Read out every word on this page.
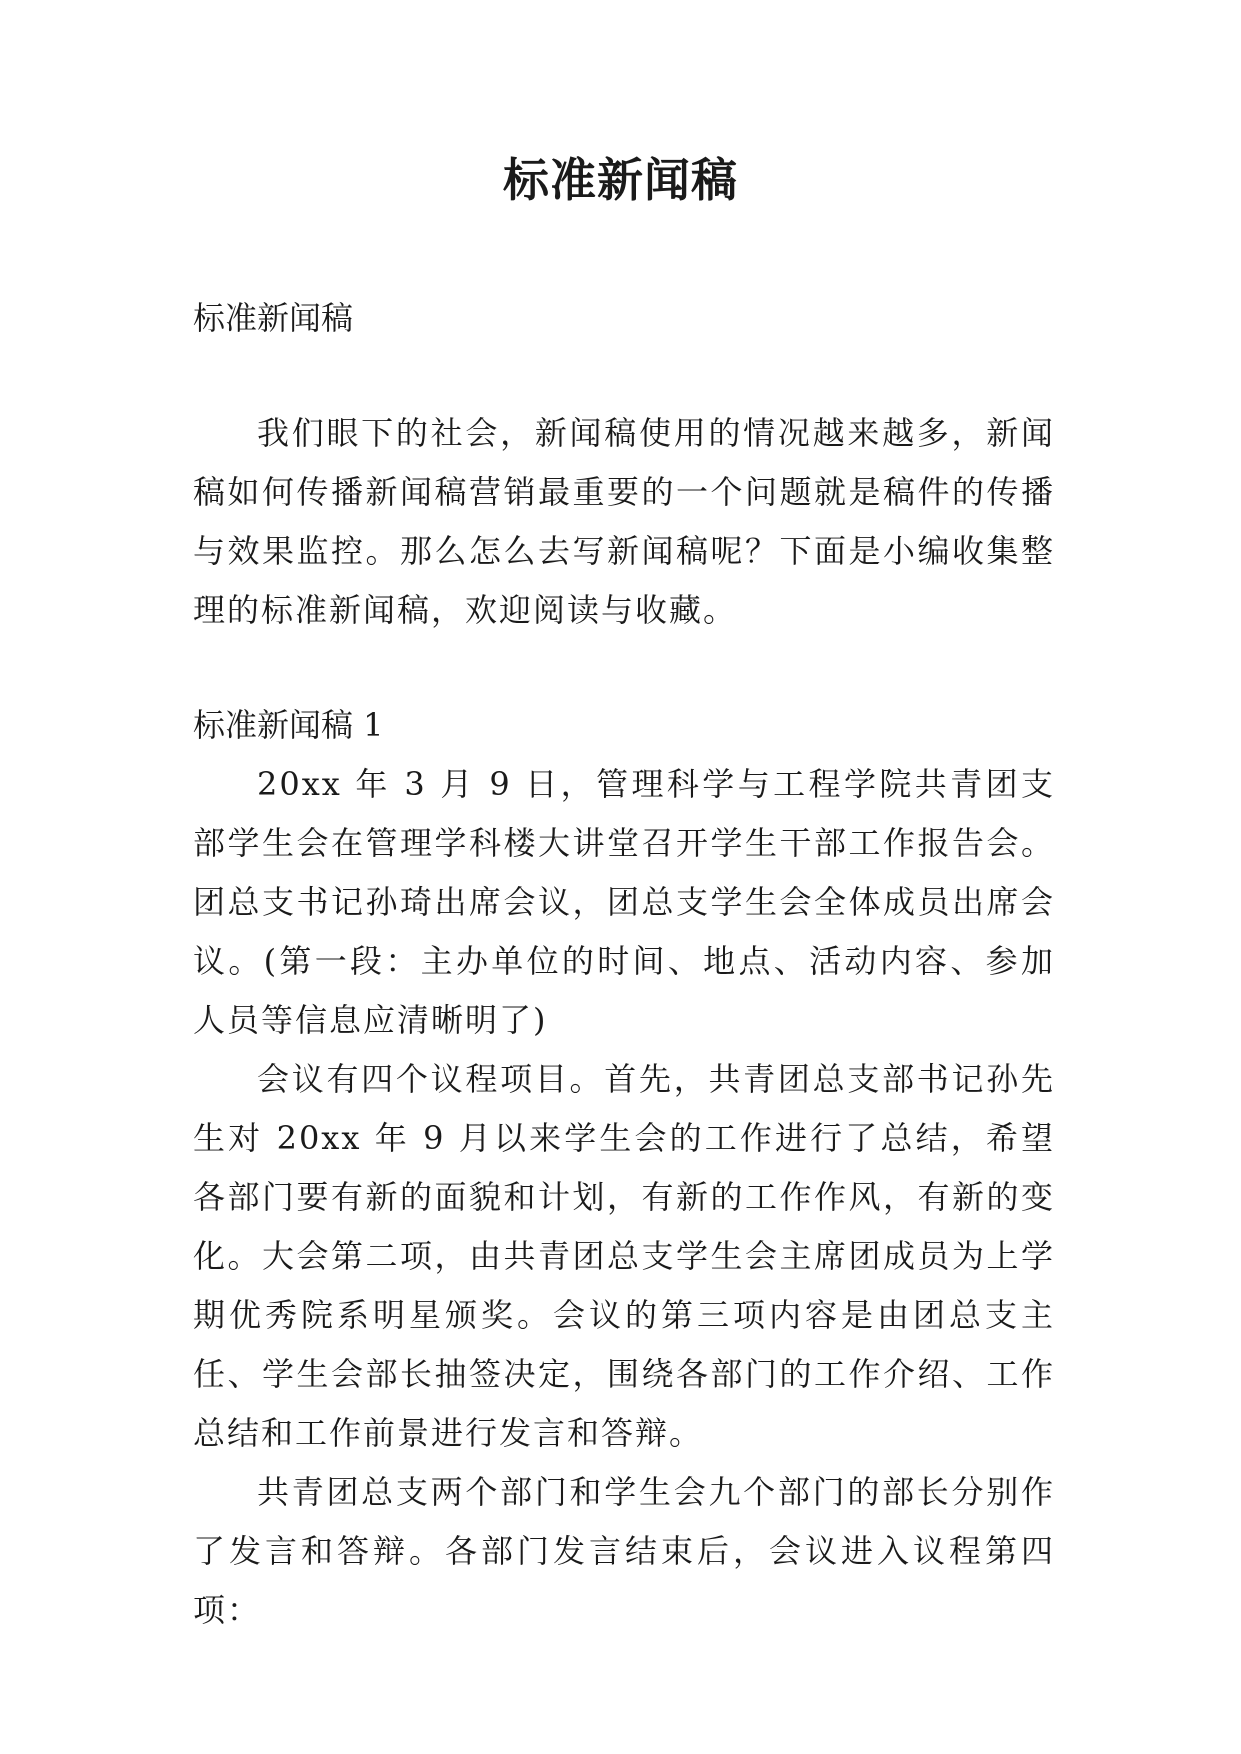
标准新闻稿

标准新闻稿

我们眼下的社会，新闻稿使用的情况越来越多，新闻稿如何传播新闻稿营销最重要的一个问题就是稿件的传播与效果监控。那么怎么去写新闻稿呢？下面是小编收集整理的标准新闻稿，欢迎阅读与收藏。

标准新闻稿 1

20xx 年 3 月 9 日，管理科学与工程学院共青团支部学生会在管理学科楼大讲堂召开学生干部工作报告会。团总支书记孙琦出席会议，团总支学生会全体成员出席会议。(第一段：主办单位的时间、地点、活动内容、参加人员等信息应清晰明了)

会议有四个议程项目。首先，共青团总支部书记孙先生对 20xx 年 9 月以来学生会的工作进行了总结，希望各部门要有新的面貌和计划，有新的工作作风，有新的变化。大会第二项，由共青团总支学生会主席团成员为上学期优秀院系明星颁奖。会议的第三项内容是由团总支主任、学生会部长抽签决定，围绕各部门的工作介绍、工作总结和工作前景进行发言和答辩。

共青团总支两个部门和学生会九个部门的部长分别作了发言和答辩。各部门发言结束后，会议进入议程第四项：
